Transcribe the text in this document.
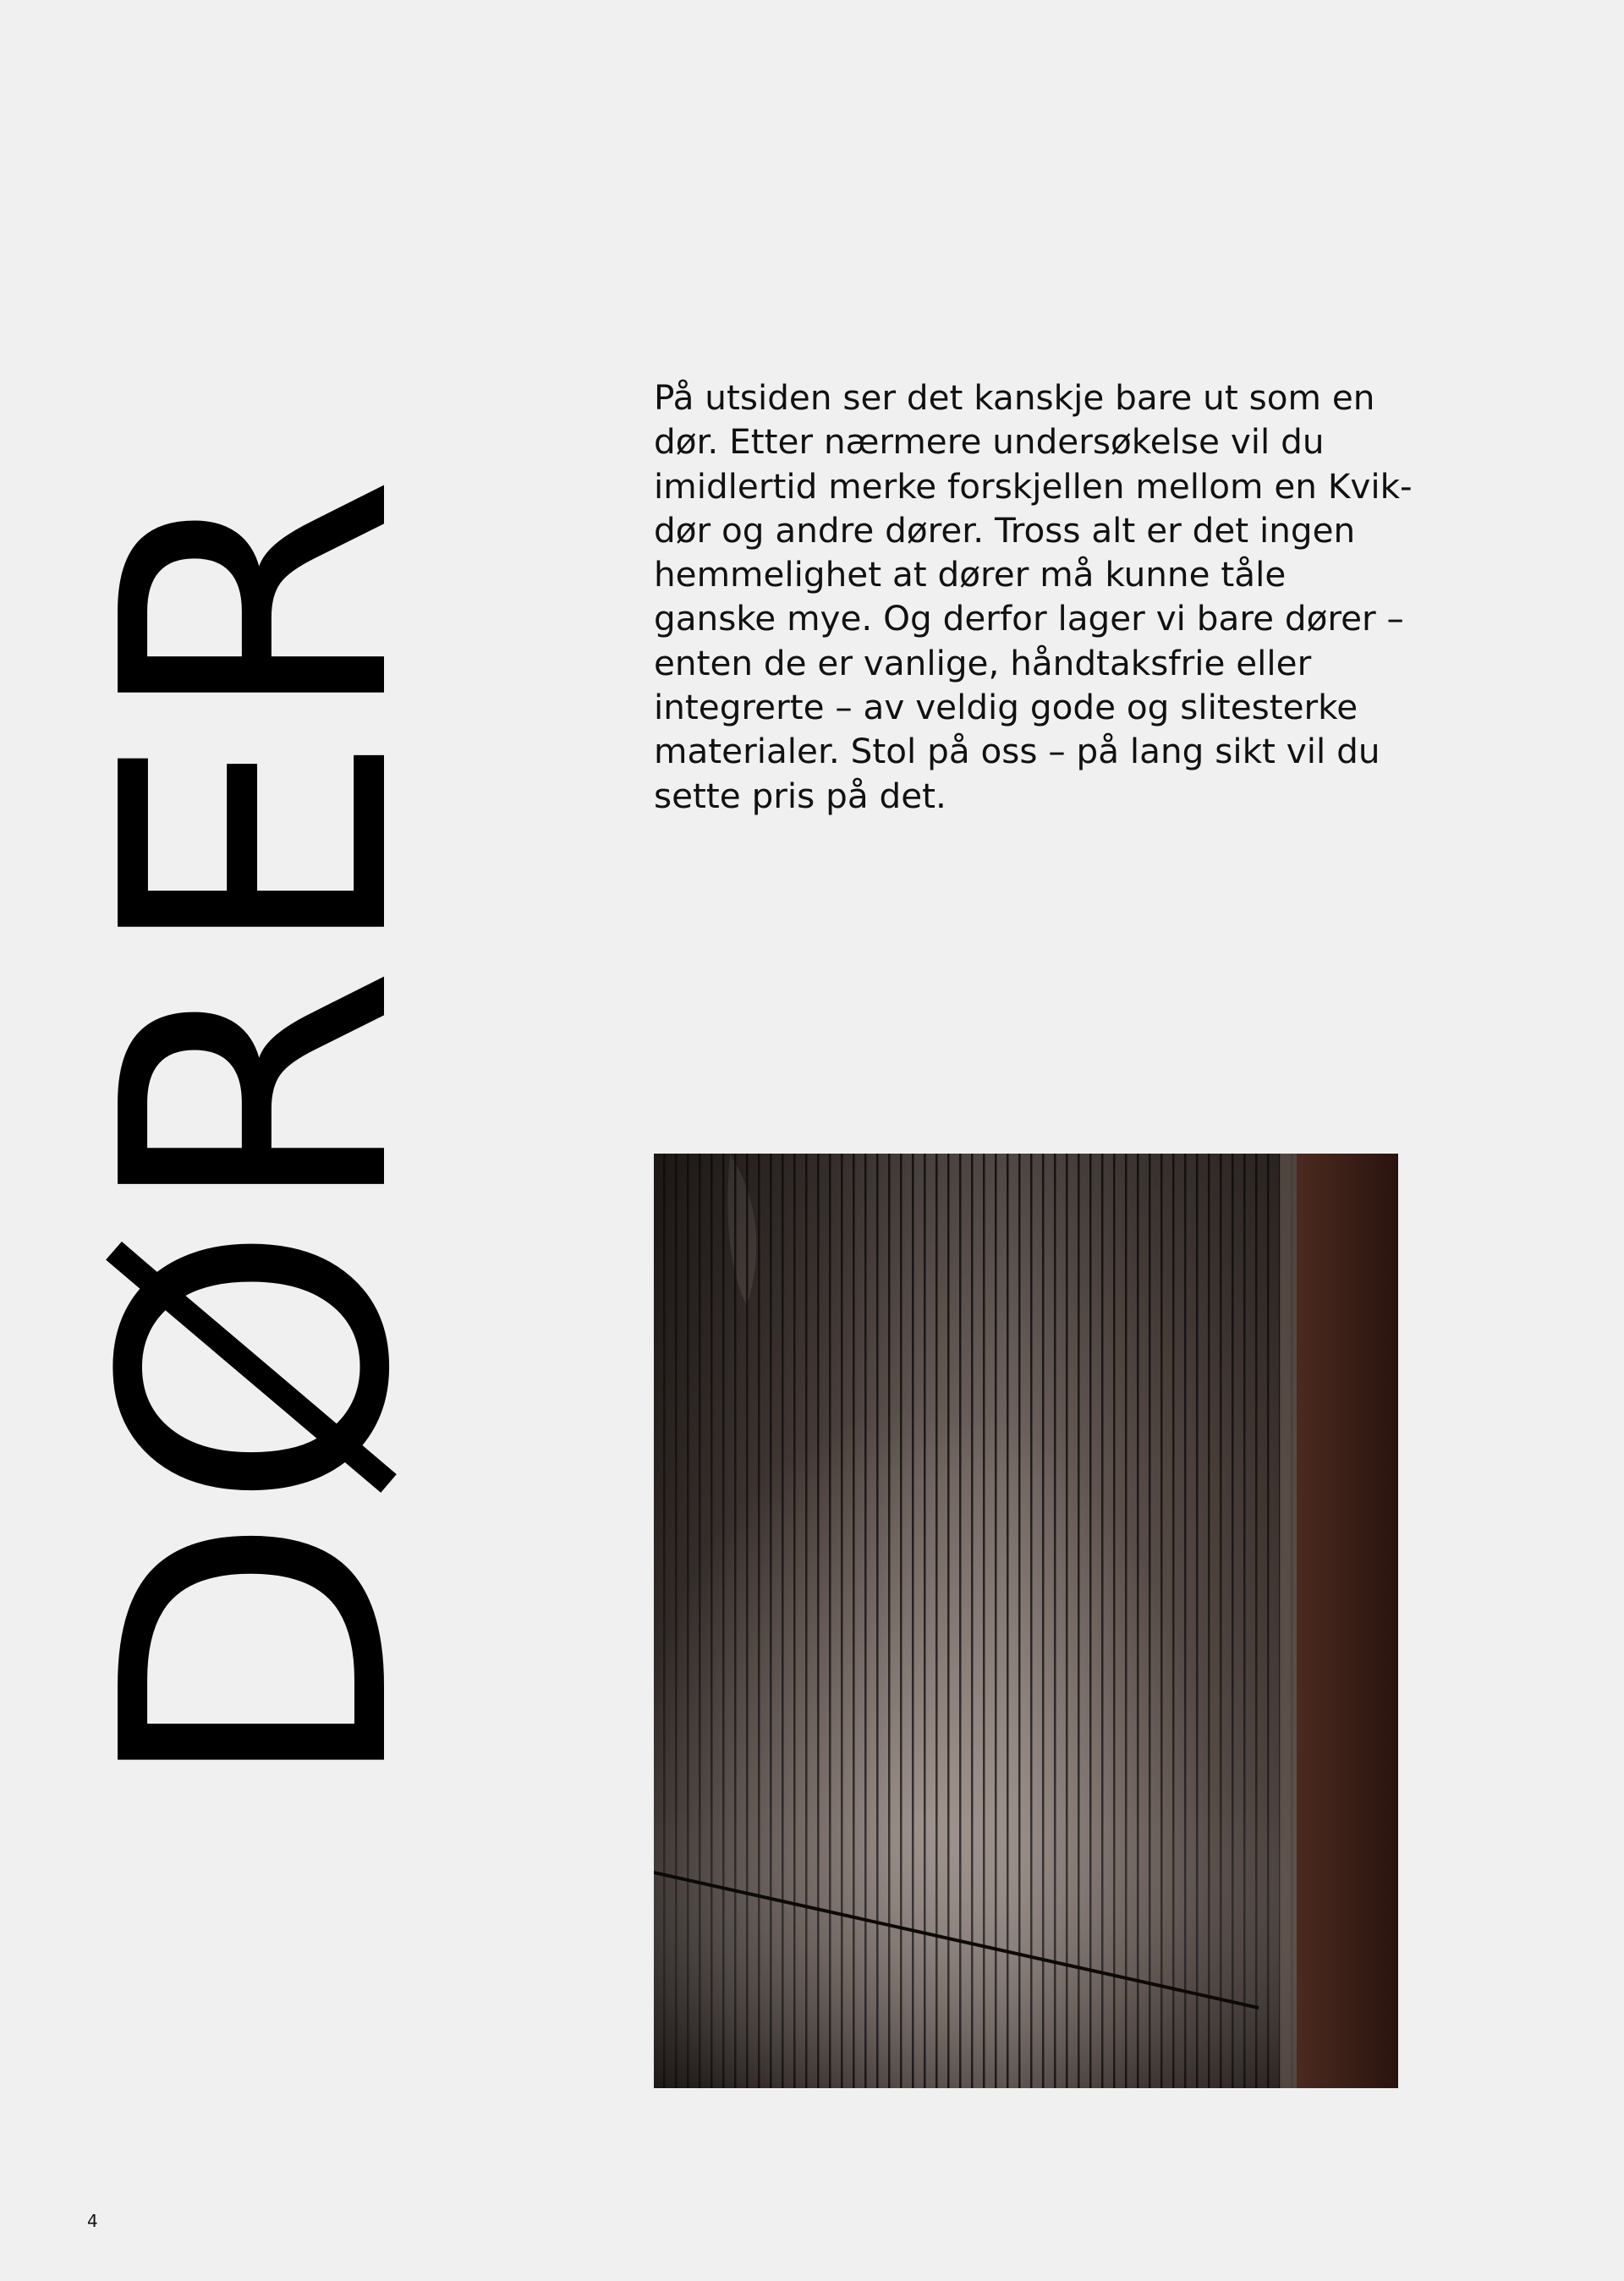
DØRER

På utsiden ser det kanskje bare ut som en dør. Etter nærmere undersøkelse vil du imidlertid merke forskjellen mellom en Kvik-dør og andre dører. Tross alt er det ingen hemmelighet at dører må kunne tåle ganske mye. Og derfor lager vi bare dører – enten de er vanlige, håndtaksfrie eller integrerte – av veldig gode og slitesterke materialer. Stol på oss – på lang sikt vil du sette pris på det.

4
